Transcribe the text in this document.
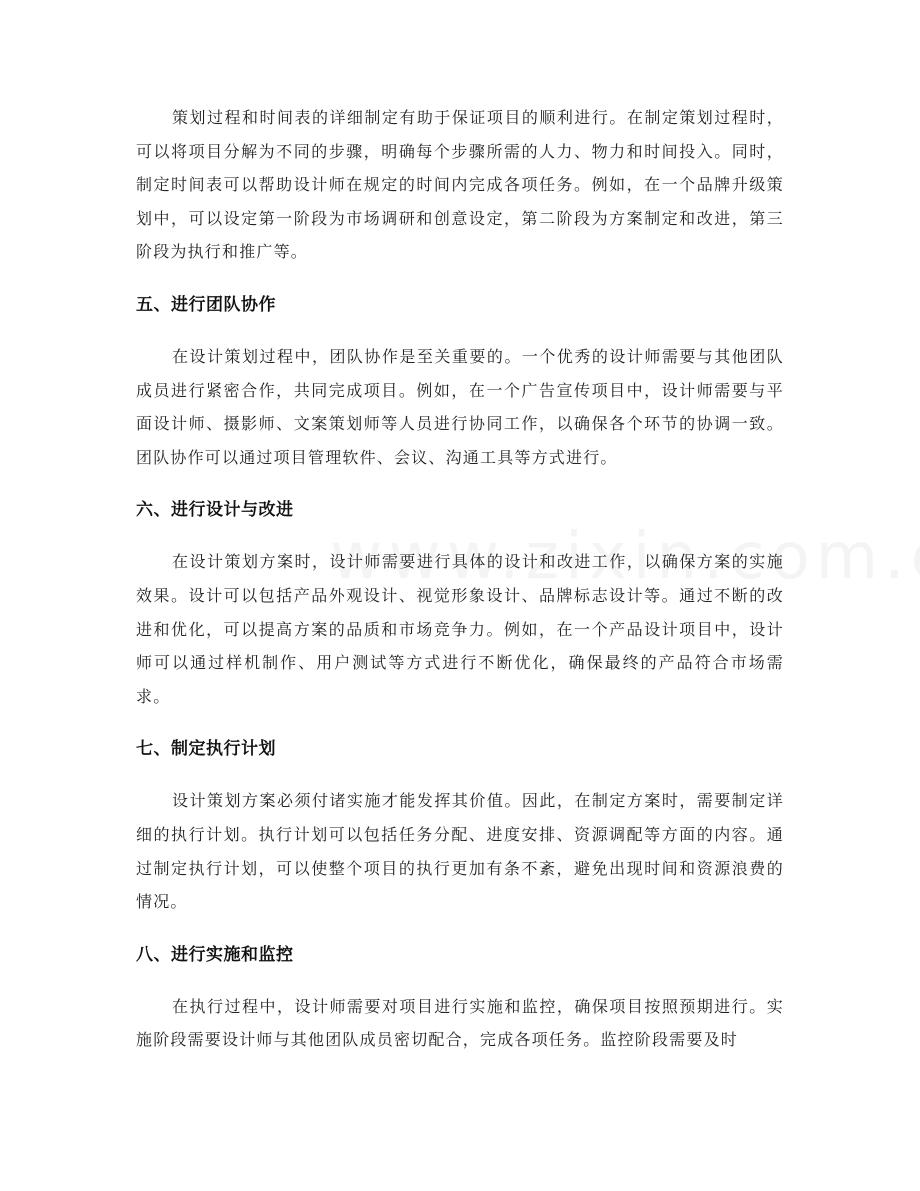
策划过程和时间表的详细制定有助于保证项目的顺利进行。在制定策划过程时，可以将项目分解为不同的步骤，明确每个步骤所需的人力、物力和时间投入。同时，制定时间表可以帮助设计师在规定的时间内完成各项任务。例如，在一个品牌升级策划中，可以设定第一阶段为市场调研和创意设定，第二阶段为方案制定和改进，第三阶段为执行和推广等。

五、进行团队协作

在设计策划过程中，团队协作是至关重要的。一个优秀的设计师需要与其他团队成员进行紧密合作，共同完成项目。例如，在一个广告宣传项目中，设计师需要与平面设计师、摄影师、文案策划师等人员进行协同工作，以确保各个环节的协调一致。团队协作可以通过项目管理软件、会议、沟通工具等方式进行。

六、进行设计与改进

在设计策划方案时，设计师需要进行具体的设计和改进工作，以确保方案的实施效果。设计可以包括产品外观设计、视觉形象设计、品牌标志设计等。通过不断的改进和优化，可以提高方案的品质和市场竞争力。例如，在一个产品设计项目中，设计师可以通过样机制作、用户测试等方式进行不断优化，确保最终的产品符合市场需求。

七、制定执行计划

设计策划方案必须付诸实施才能发挥其价值。因此，在制定方案时，需要制定详细的执行计划。执行计划可以包括任务分配、进度安排、资源调配等方面的内容。通过制定执行计划，可以使整个项目的执行更加有条不紊，避免出现时间和资源浪费的情况。

八、进行实施和监控

在执行过程中，设计师需要对项目进行实施和监控，确保项目按照预期进行。实施阶段需要设计师与其他团队成员密切配合，完成各项任务。监控阶段需要及时
